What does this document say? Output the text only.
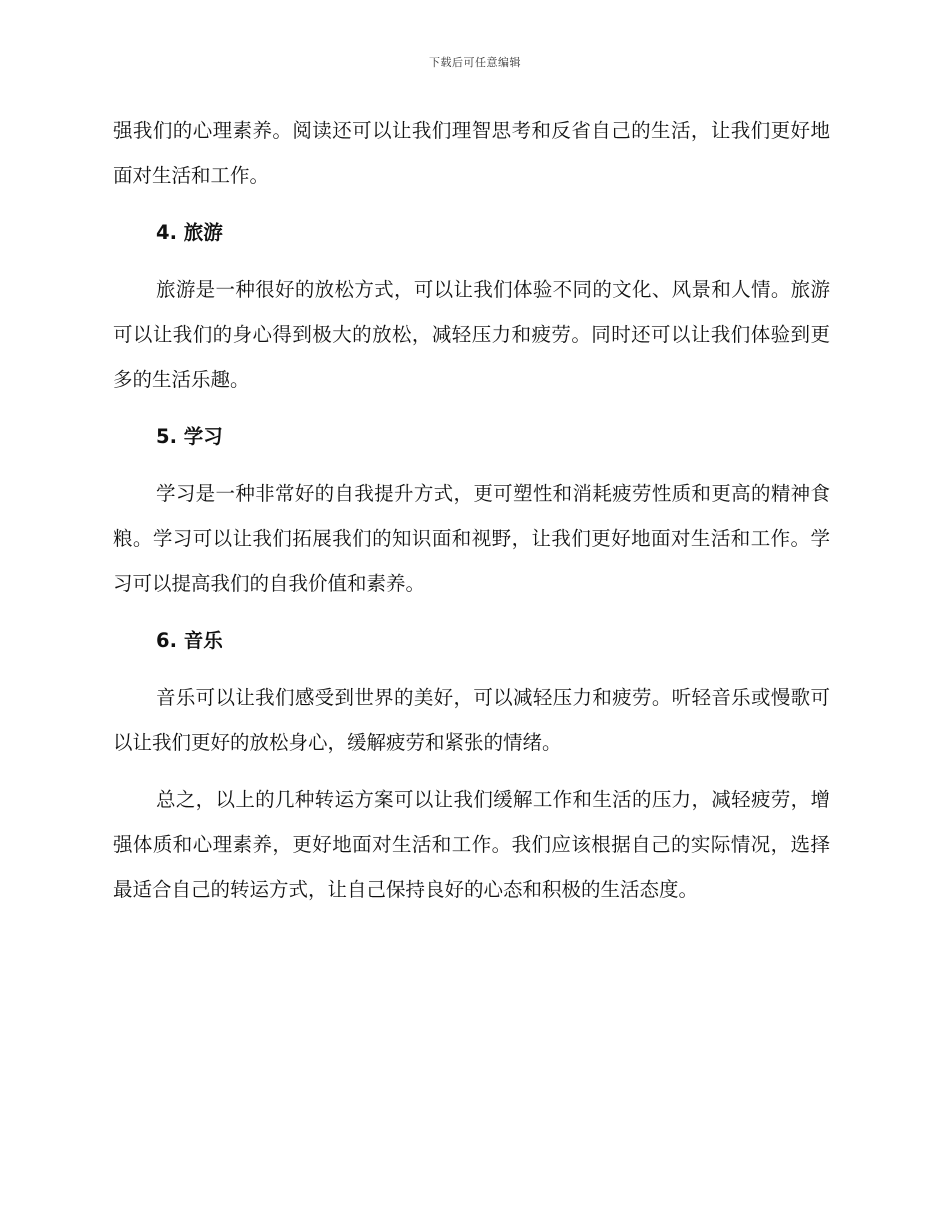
下载后可任意编辑

强我们的心理素养。阅读还可以让我们理智思考和反省自己的生活，让我们更好地面对生活和工作。

4. 旅游

旅游是一种很好的放松方式，可以让我们体验不同的文化、风景和人情。旅游可以让我们的身心得到极大的放松，减轻压力和疲劳。同时还可以让我们体验到更多的生活乐趣。

5. 学习

学习是一种非常好的自我提升方式，更可塑性和消耗疲劳性质和更高的精神食粮。学习可以让我们拓展我们的知识面和视野，让我们更好地面对生活和工作。学习可以提高我们的自我价值和素养。

6. 音乐

音乐可以让我们感受到世界的美好，可以减轻压力和疲劳。听轻音乐或慢歌可以让我们更好的放松身心，缓解疲劳和紧张的情绪。

总之，以上的几种转运方案可以让我们缓解工作和生活的压力，减轻疲劳，增强体质和心理素养，更好地面对生活和工作。我们应该根据自己的实际情况，选择最适合自己的转运方式，让自己保持良好的心态和积极的生活态度。
